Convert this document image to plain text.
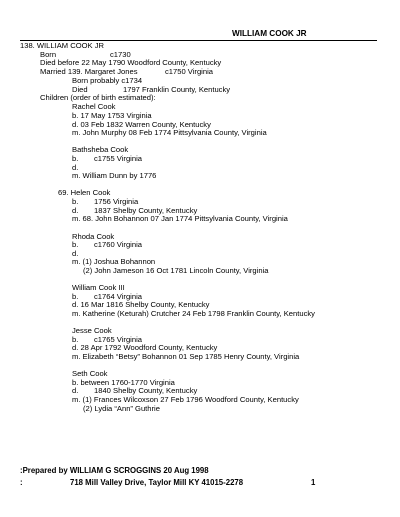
WILLIAM COOK JR
138. WILLIAM COOK JR
Born	c1730
Died before 22 May 1790 Woodford County, Kentucky
Married 139. Margaret Jones	c1750 Virginia
Born probably c1734
Died	1797 Franklin County, Kentucky
Children (order of birth estimated):
Rachel Cook
b. 17 May 1753 Virginia
d. 03 Feb 1832 Warren County, Kentucky
m. John Murphy 08 Feb 1774 Pittsylvania County, Virginia
Bathsheba Cook
b. c1755 Virginia
d.
m. William Dunn by 1776
69. Helen Cook
b. 1756 Virginia
d. 1837 Shelby County, Kentucky
m. 68. John Bohannon 07 Jan 1774 Pittsylvania County, Virginia
Rhoda Cook
b. c1760 Virginia
d.
m. (1) Joshua Bohannon
(2) John Jameson 16 Oct 1781 Lincoln County, Virginia
William Cook III
b. c1764 Virginia
d. 16 Mar 1816 Shelby County, Kentucky
m. Katherine (Keturah) Crutcher 24 Feb 1798 Franklin County, Kentucky
Jesse Cook
b. c1765 Virginia
d. 28 Apr 1792 Woodford County, Kentucky
m. Elizabeth “Betsy” Bohannon 01 Sep 1785 Henry County, Virginia
Seth Cook
b. between 1760-1770 Virginia
d. 1840 Shelby County, Kentucky
m. (1) Frances Wilcoxson 27 Feb 1796 Woodford County, Kentucky
(2) Lydia “Ann” Guthrie
:Prepared by WILLIAM G SCROGGINS 20 Aug 1998
:	718 Mill Valley Drive, Taylor Mill KY 41015-2278	1
